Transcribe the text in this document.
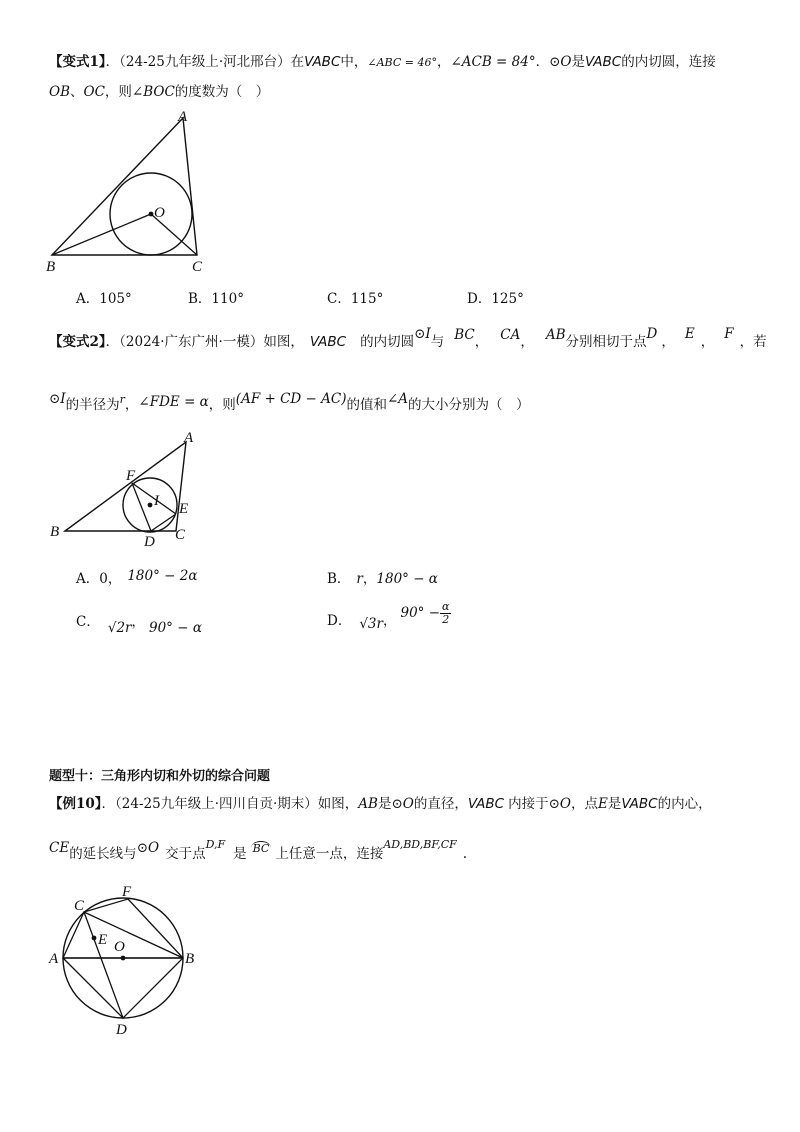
【变式1】．（24-25九年级上·河北邢台）在VABC中，∠ABC = 46°，∠ACB = 84°．⊙O是VABC的内切圆，连接
OB、OC，则∠BOC的度数为（　）
A
B	C
O
A．105°	B．110°	C．115°	D．125°
【变式2】．（2024·广东广州·一模）如图， VABC 的内切圆⊙I与 BC， CA， AB分别相切于点D ， E ， F ，若
⊙I的半径为$^r$，∠FDE = α，则(AF + CD − AC)的值和∠A的大小分别为（　）
A
B	C
D
E
F
I
A．0， 180° − 2α	B． r，180° − α
C． √2r， 90° − α	D． √3r， $90^\circ - \frac{\alpha}{2}$
题型十：三角形内切和外切的综合问题
【例10】．（24-25九年级上·四川自贡·期末）如图，AB是⊙O的直径，VABC 内接于⊙O，点E是VABC的内心，
CE的延长线与⊙O 交于点$^{D,F}$是 $^{BC}$ 上任意一点，连接$^{AD,BD,BF,CF}$.
C
F
A	B
D
E O
